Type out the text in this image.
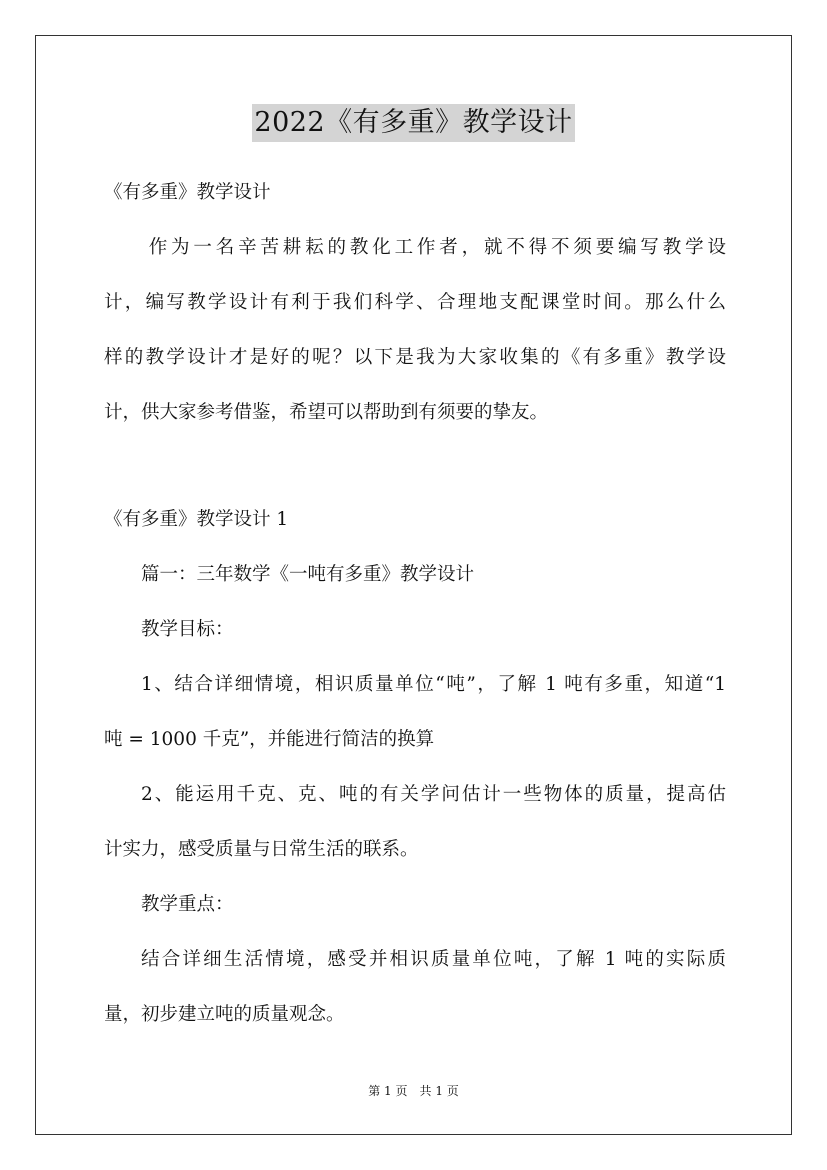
2022《有多重》教学设计
《有多重》教学设计
　　作为一名辛苦耕耘的教化工作者，就不得不须要编写教学设
计，编写教学设计有利于我们科学、合理地支配课堂时间。那么什么
样的教学设计才是好的呢？以下是我为大家收集的《有多重》教学设
计，供大家参考借鉴，希望可以帮助到有须要的挚友。
《有多重》教学设计 1
篇一：三年数学《一吨有多重》教学设计
教学目标：
1、结合详细情境，相识质量单位“吨”，了解 1 吨有多重，知道“1
吨 = 1000 千克”，并能进行简洁的换算
2、能运用千克、克、吨的有关学问估计一些物体的质量，提高估
计实力，感受质量与日常生活的联系。
教学重点：
结合详细生活情境，感受并相识质量单位吨，了解 1 吨的实际质
量，初步建立吨的质量观念。
第 1 页　共 1 页
